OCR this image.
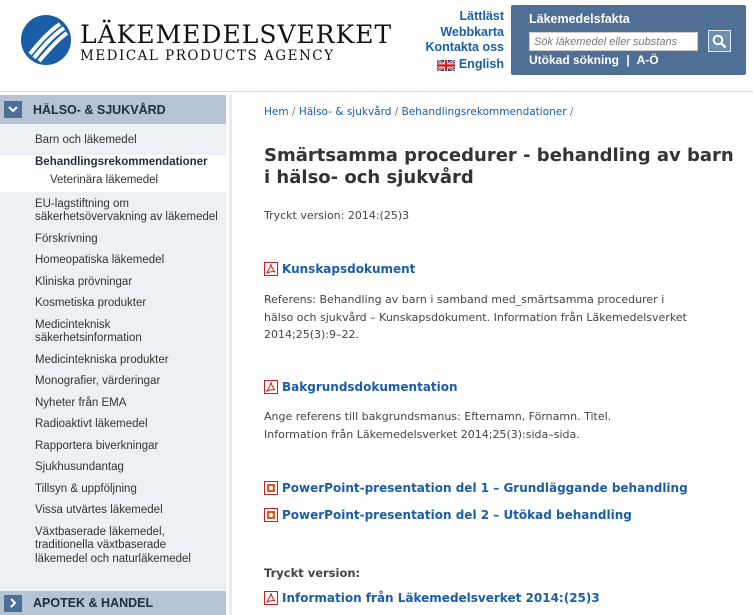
LÄKEMEDELSVERKET
MEDICAL PRODUCTS AGENCY
Lättläst
Webbkarta
Kontakta oss
English
Läkemedelsfakta
Sök läkemedel eller substans
Utökad sökning | A-Ö
HÄLSO- & SJUKVÅRD
Barn och läkemedel
Behandlingsrekommendationer
Veterinära läkemedel
EU-lagstiftning om säkerhetsövervakning av läkemedel
Förskrivning
Homeopatiska läkemedel
Kliniska prövningar
Kosmetiska produkter
Medicinteknisk säkerhetsinformation
Medicintekniska produkter
Monografier, värderingar
Nyheter från EMA
Radioaktivt läkemedel
Rapportera biverkningar
Sjukhusundantag
Tillsyn & uppföljning
Vissa utvärtes läkemedel
Växtbaserade läkemedel, traditionella växtbaserade läkemedel och naturläkemedel
APOTEK & HANDEL
Hem / Hälso- & sjukvård / Behandlingsrekommendationer /
Smärtsamma procedurer - behandling av barn i hälso- och sjukvård
Tryckt version: 2014:(25)3
Kunskapsdokument
Referens: Behandling av barn i samband med_smärtsamma procedurer i hälso och sjukvård – Kunskapsdokument. Information från Läkemedelsverket 2014;25(3):9–22.
Bakgrundsdokumentation
Ange referens till bakgrundsmanus: Efternamn, Förnamn. Titel. Information från Läkemedelsverket 2014;25(3):sida–sida.
PowerPoint-presentation del 1 – Grundläggande behandling
PowerPoint-presentation del 2 – Utökad behandling
Tryckt version:
Information från Läkemedelsverket 2014:(25)3
